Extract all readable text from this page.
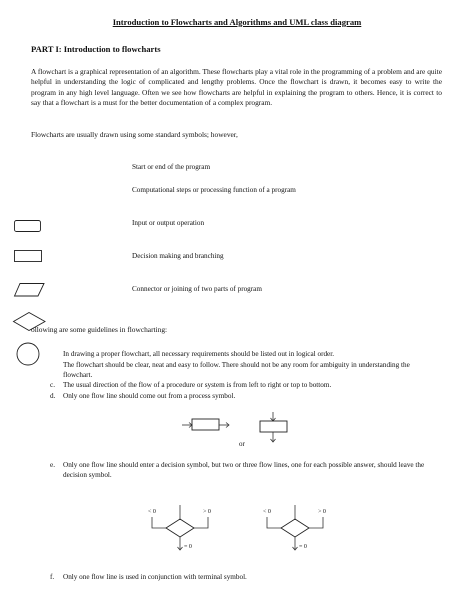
Introduction to Flowcharts and Algorithms and UML class diagram
PART I: Introduction to flowcharts
A flowchart is a graphical representation of an algorithm. These flowcharts play a vital role in the programming of a problem and are quite helpful in understanding the logic of complicated and lengthy problems. Once the flowchart is drawn, it becomes easy to write the program in any high level language. Often we see how flowcharts are helpful in explaining the program to others. Hence, it is correct to say that a flowchart is a must for the better documentation of a complex program.
Flowcharts are usually drawn using some standard symbols; however,
Start or end of the program
Computational steps or processing function of a program
Input or output operation
Decision making and branching
Connector or joining of two parts of program
ollowing are some guidelines in flowcharting:
In drawing a proper flowchart, all necessary requirements should be listed out in logical order.
The flowchart should be clear, neat and easy to follow. There should not be any room for ambiguity in understanding the flowchart.
c.	The usual direction of the flow of a procedure or system is from left to right or top to bottom.
d.	Only one flow line should come out from a process symbol.
or
e.	Only one flow line should enter a decision symbol, but two or three flow lines, one for each possible answer, should leave the decision symbol.
< 0	> 0
= 0
< 0	> 0
= 0
f.	Only one flow line is used in conjunction with terminal symbol.
